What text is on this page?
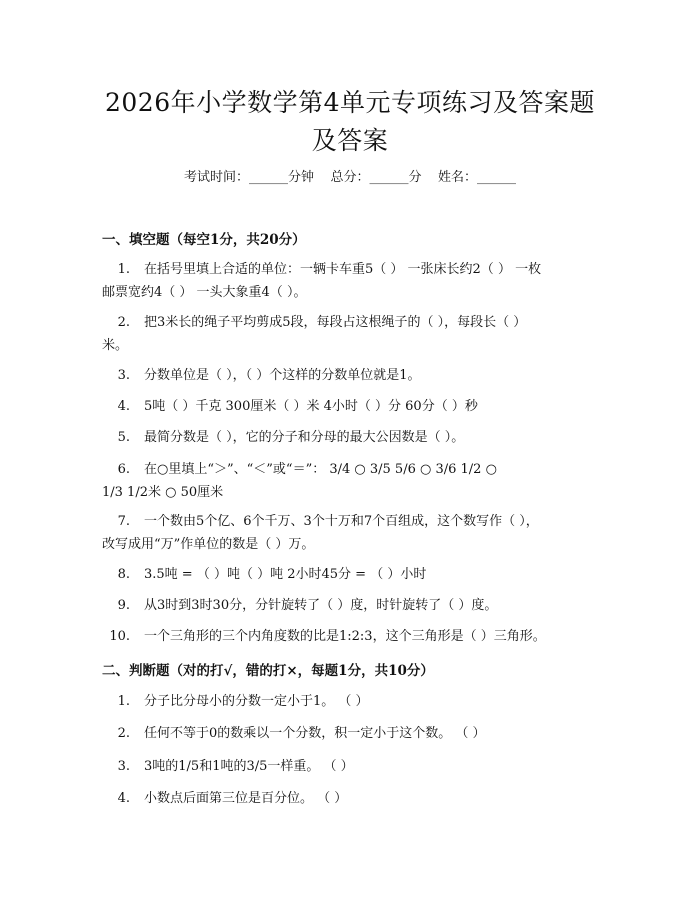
2026年小学数学第4单元专项练习及答案题
及答案
考试时间：______分钟    总分：______分    姓名：______
一、填空题（每空1分，共20分）
1. 在括号里填上合适的单位：一辆卡车重5（ ） 一张床长约2（ ） 一枚
邮票宽约4（ ） 一头大象重4（ ）。
2. 把3米长的绳子平均剪成5段，每段占这根绳子的（ ），每段长（ ）
米。
3. 分数单位是（ ），（ ）个这样的分数单位就是1。
4. 5吨（ ）千克 300厘米（ ）米 4小时（ ）分 60分（ ）秒
5. 最简分数是（ ），它的分子和分母的最大公因数是（ ）。
6. 在○里填上“＞”、“＜”或“＝”： 3/4 ○ 3/5 5/6 ○ 3/6 1/2 ○
1/3 1/2米 ○ 50厘米
7. 一个数由5个亿、6个千万、3个十万和7个百组成，这个数写作（ ），
改写成用“万”作单位的数是（ ）万。
8. 3.5吨 = （ ）吨（ ）吨 2小时45分 = （ ）小时
9. 从3时到3时30分，分针旋转了（ ）度，时针旋转了（ ）度。
10. 一个三角形的三个内角度数的比是1:2:3，这个三角形是（ ）三角形。
二、判断题（对的打√，错的打×，每题1分，共10分）
1. 分子比分母小的分数一定小于1。 （ ）
2. 任何不等于0的数乘以一个分数，积一定小于这个数。 （ ）
3. 3吨的1/5和1吨的3/5一样重。 （ ）
4. 小数点后面第三位是百分位。 （ ）
